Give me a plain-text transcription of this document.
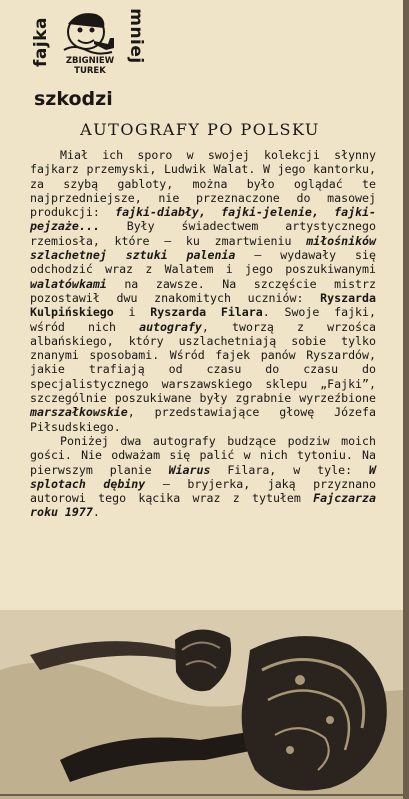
fajka	mniej
ZBIGNIEW
TUREK
szkodzi
AUTOGRAFY PO POLSKU

Miał ich sporo w swojej kolekcji słynny fajkarz przemyski, Ludwik Walat. W jego kantorku, za szybą gabloty, można było oglądać te najprzedniejsze, nie przeznaczone do masowej produkcji: fajki-diabły, fajki-jelenie, fajki-pejzaże... Były świadectwem artystycznego rzemiosła, które — ku zmartwieniu miłośników szlachetnej sztuki palenia — wydawały się odchodzić wraz z Walatem i jego poszukiwanymi walatówkami na zawsze. Na szczęście mistrz pozostawił dwu znakomitych uczniów: Ryszarda Kulpińskiego i Ryszarda Filara. Swoje fajki, wśród nich autografy, tworzą z wrzośca albańskiego, który uszlachetniają sobie tylko znanymi sposobami. Wśród fajek panów Ryszardów, jakie trafiają od czasu do czasu do specjalistycznego warszawskiego sklepu „Fajki”, szczególnie poszukiwane były zgrabnie wyrzeźbione marszałkowskie, przedstawiające głowę Józefa Piłsudskiego.

Poniżej dwa autografy budzące podziw moich gości. Nie odważam się palić w nich tytoniu. Na pierwszym planie Wiarus Filara, w tyle: W splotach dębiny — bryjerka, jaką przyznano autorowi tego kącika wraz z tytułem Fajczarza roku 1977.
